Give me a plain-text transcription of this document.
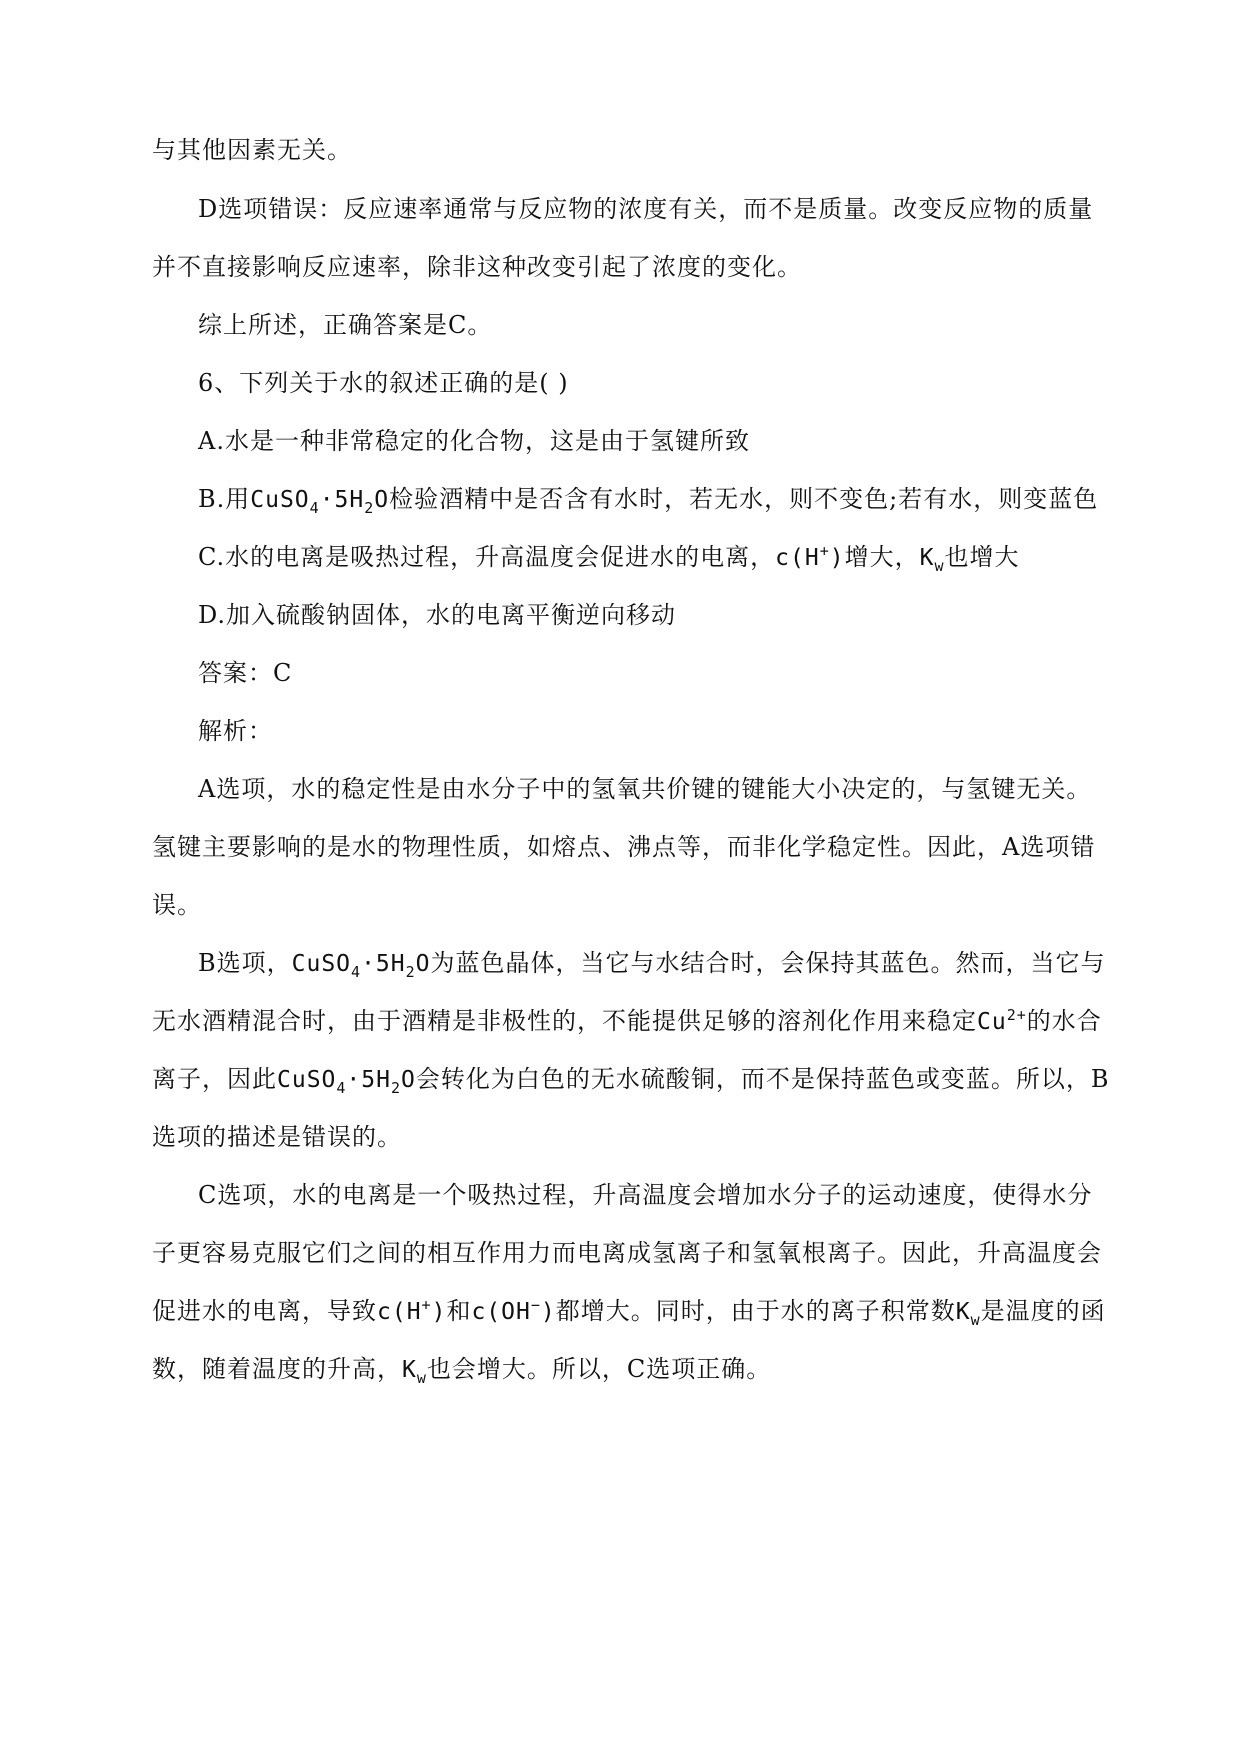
与其他因素无关。
D选项错误：反应速率通常与反应物的浓度有关，而不是质量。改变反应物的质量
并不直接影响反应速率，除非这种改变引起了浓度的变化。
综上所述，正确答案是C。
6、下列关于水的叙述正确的是( )
A.水是一种非常稳定的化合物，这是由于氢键所致
B.用$CuSO_4\cdot 5H_2O$检验酒精中是否含有水时，若无水，则不变色;若有水，则变蓝色
C.水的电离是吸热过程，升高温度会促进水的电离，c(H+)增大，$K_w$也增大
D.加入硫酸钠固体，水的电离平衡逆向移动
答案：C
解析：
A选项，水的稳定性是由水分子中的氢氧共价键的键能大小决定的，与氢键无关。
氢键主要影响的是水的物理性质，如熔点、沸点等，而非化学稳定性。因此，A选项错
误。
B选项，$CuSO_4\cdot 5H_2O$为蓝色晶体，当它与水结合时，会保持其蓝色。然而，当它与
无水酒精混合时，由于酒精是非极性的，不能提供足够的溶剂化作用来稳定$Cu^{2+}$的水合
离子，因此$CuSO_4\cdot 5H_2O$会转化为白色的无水硫酸铜，而不是保持蓝色或变蓝。所以，B
选项的描述是错误的。
C选项，水的电离是一个吸热过程，升高温度会增加水分子的运动速度，使得水分
子更容易克服它们之间的相互作用力而电离成氢离子和氢氧根离子。因此，升高温度会
促进水的电离，导致c(H+)和c(OH−)都增大。同时，由于水的离子积常数$K_w$是温度的函
数，随着温度的升高，$K_w$也会增大。所以，C选项正确。
